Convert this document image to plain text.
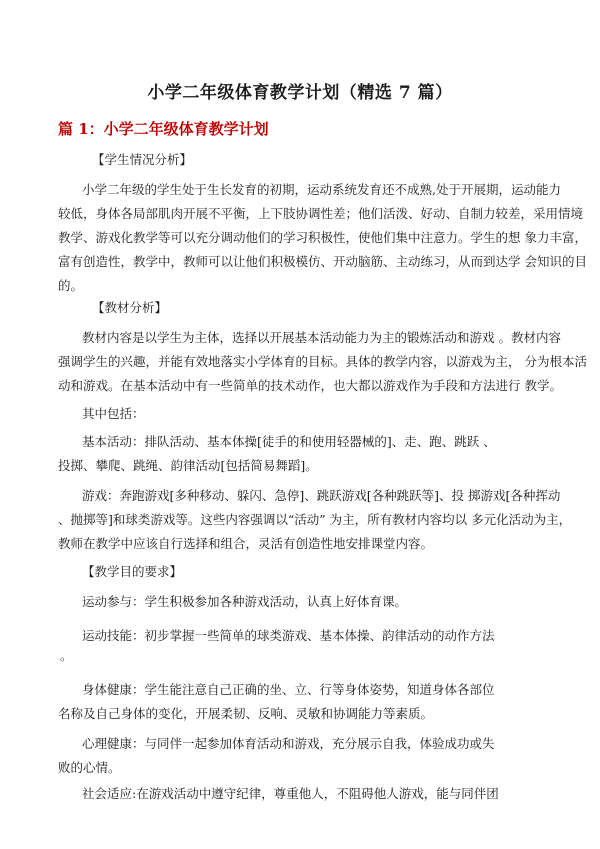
小学二年级体育教学计划（精选 7 篇）
篇 1：小学二年级体育教学计划
【学生情况分析】
小学二年级的学生处于生长发育的初期，运动系统发育还不成熟,处于开展期，运动能力
较低，身体各局部肌肉开展不平衡，上下肢协调性差；他们活泼、好动、自制力较差，采用情境
教学、游戏化教学等可以充分调动他们的学习积极性，使他们集中注意力。学生的想 象力丰富，
富有创造性，教学中，教师可以让他们积极模仿、开动脑筋、主动练习，从而到达学 会知识的目
的。
【教材分析】
教材内容是以学生为主体，选择以开展基本活动能力为主的锻炼活动和游戏 。教材内容
强调学生的兴趣，并能有效地落实小学体育的目标。具体的教学内容，以游戏为主， 分为根本活
动和游戏。在基本活动中有一些简单的技术动作，也大都以游戏作为手段和方法进行 教学。
其中包括：
基本活动：排队活动、基本体操[徒手的和使用轻器械的]、走、跑、跳跃 、
投掷、攀爬、跳绳、韵律活动[包括简易舞蹈]。
游戏：奔跑游戏[多种移动、躲闪、急停]、跳跃游戏[各种跳跃等]、投 掷游戏[各种挥动
、抛掷等]和球类游戏等。这些内容强调以“活动” 为主，所有教材内容均以 多元化活动为主，
教师在教学中应该自行选择和组合，灵活有创造性地安排课堂内容。
【教学目的要求】
运动参与：学生积极参加各种游戏活动，认真上好体育课。
运动技能：初步掌握一些简单的球类游戏、基本体操、韵律活动的动作方法
。
身体健康：学生能注意自己正确的坐、立、行等身体姿势，知道身体各部位
名称及自己身体的变化，开展柔韧、反响、灵敏和协调能力等素质。
心理健康：与同伴一起参加体育活动和游戏，充分展示自我，体验成功或失
败的心情。
社会适应:在游戏活动中遵守纪律，尊重他人，不阻碍他人游戏，能与同伴团
